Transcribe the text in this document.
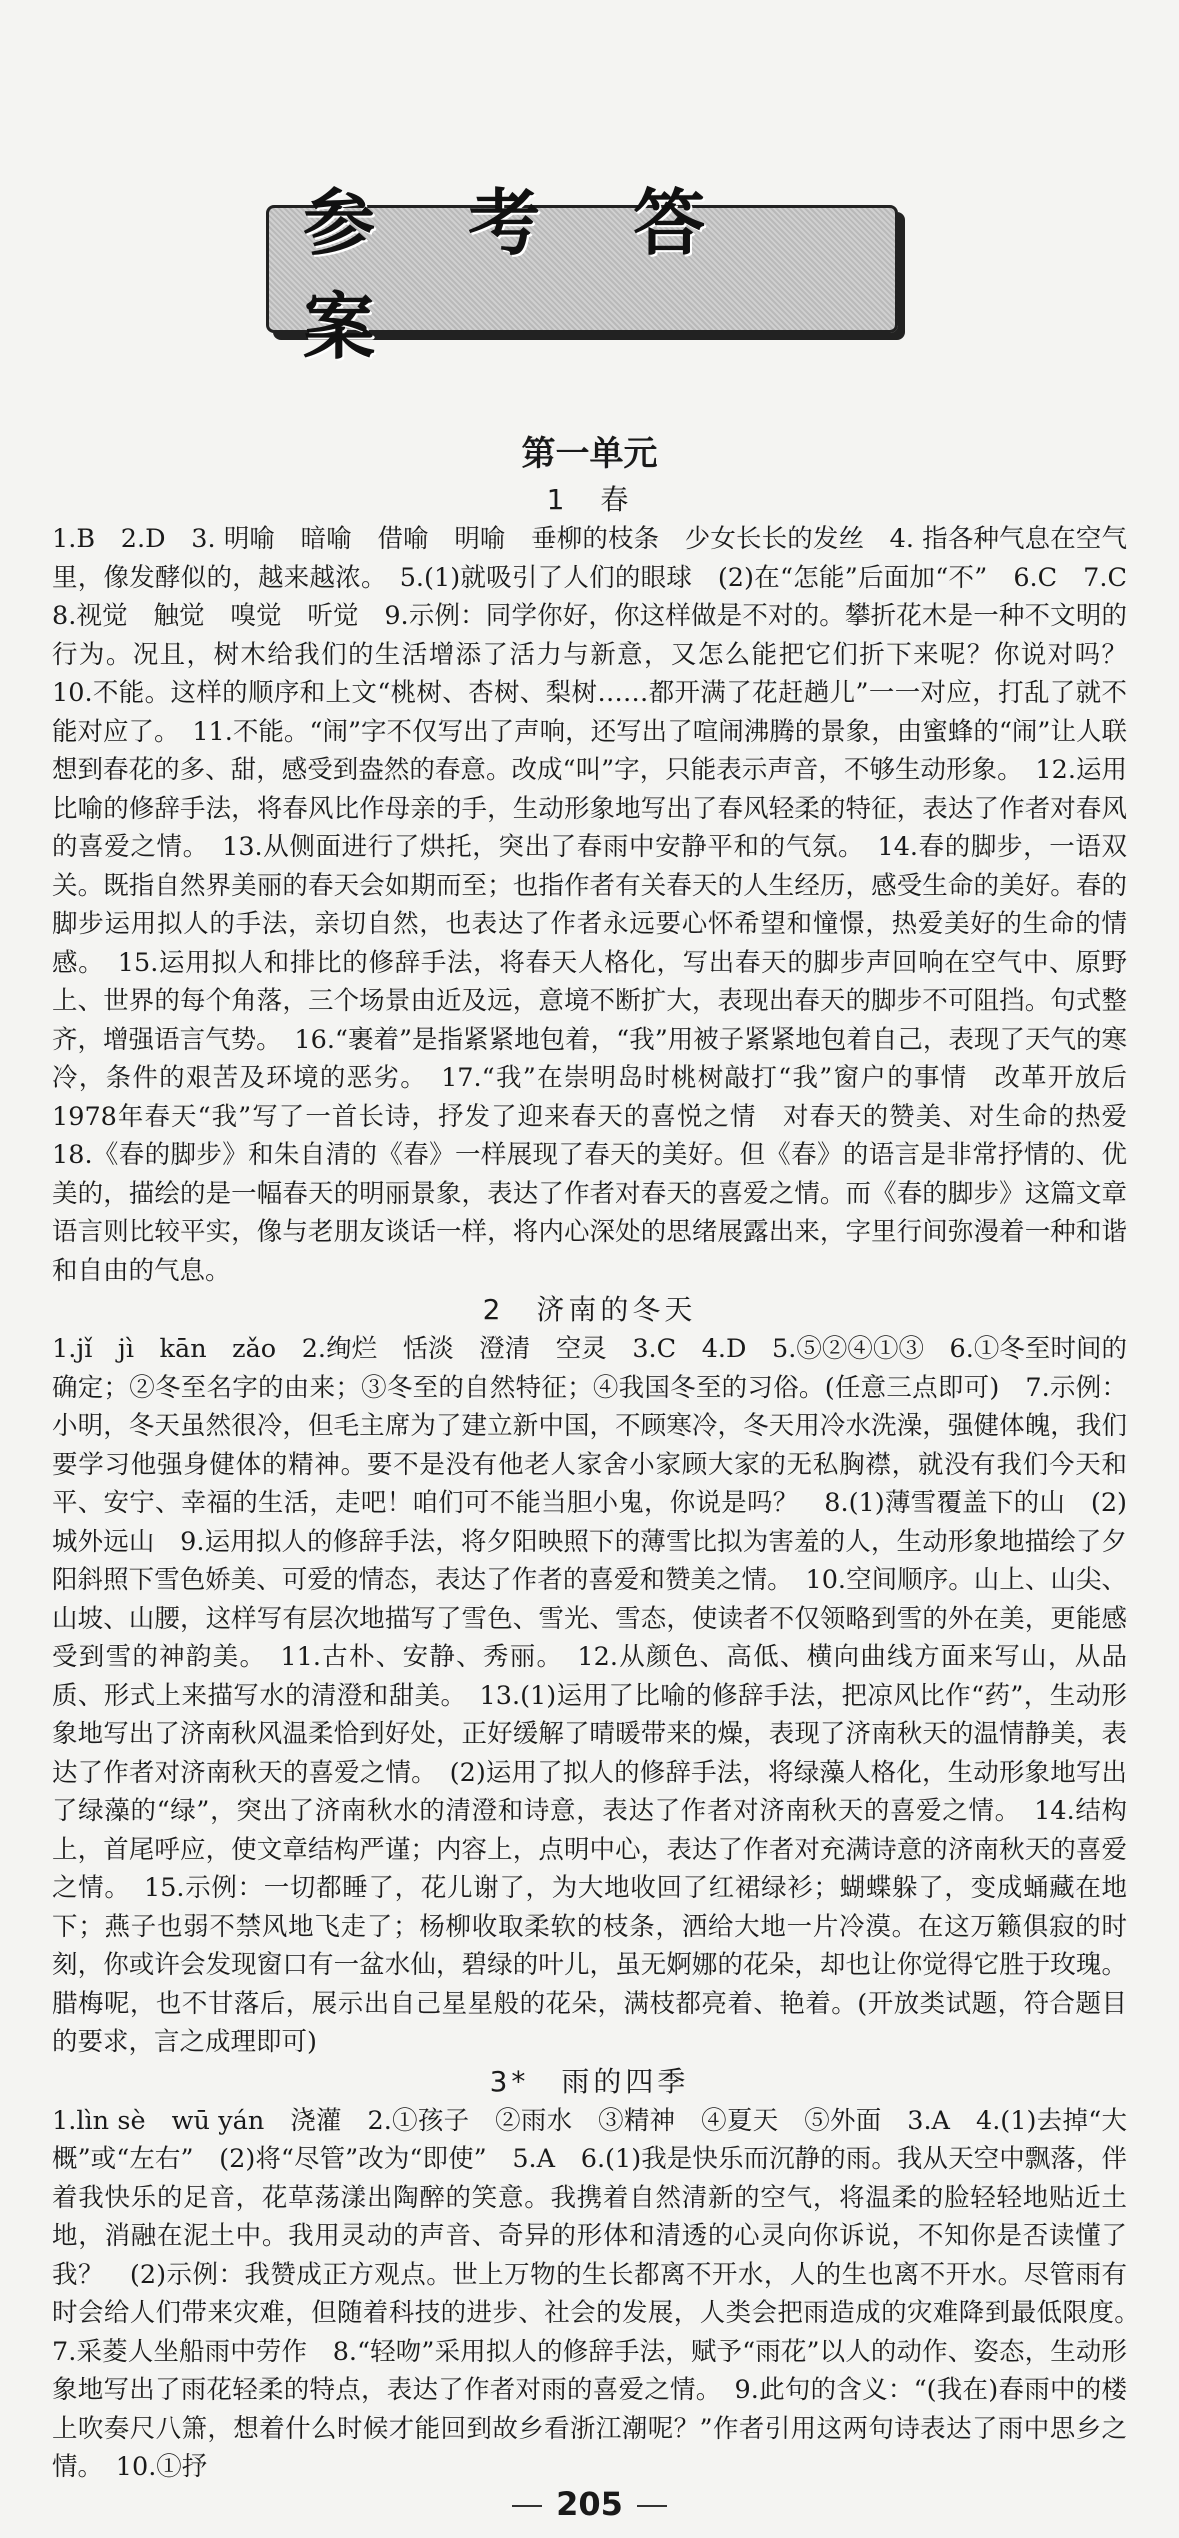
参 考 答 案
第一单元
1　春

1.B　2.D　3. 明喻　暗喻　借喻　明喻　垂柳的枝条　少女长长的发丝　4. 指各种气息在空气里，像发酵似的，越来越浓。　5.(1)就吸引了人们的眼球　(2)在“怎能”后面加“不”　6.C　7.C　8.视觉　触觉　嗅觉　听觉　9.示例：同学你好，你这样做是不对的。攀折花木是一种不文明的行为。况且，树木给我们的生活增添了活力与新意，又怎么能把它们折下来呢？你说对吗？　10.不能。这样的顺序和上文“桃树、杏树、梨树……都开满了花赶趟儿”一一对应，打乱了就不能对应了。　11.不能。“闹”字不仅写出了声响，还写出了喧闹沸腾的景象，由蜜蜂的“闹”让人联想到春花的多、甜，感受到盎然的春意。改成“叫”字，只能表示声音，不够生动形象。　12.运用比喻的修辞手法，将春风比作母亲的手，生动形象地写出了春风轻柔的特征，表达了作者对春风的喜爱之情。　13.从侧面进行了烘托，突出了春雨中安静平和的气氛。　14.春的脚步，一语双关。既指自然界美丽的春天会如期而至；也指作者有关春天的人生经历，感受生命的美好。春的脚步运用拟人的手法，亲切自然，也表达了作者永远要心怀希望和憧憬，热爱美好的生命的情感。　15.运用拟人和排比的修辞手法，将春天人格化，写出春天的脚步声回响在空气中、原野上、世界的每个角落，三个场景由近及远，意境不断扩大，表现出春天的脚步不可阻挡。句式整齐，增强语言气势。　16.“裹着”是指紧紧地包着，“我”用被子紧紧地包着自己，表现了天气的寒冷，条件的艰苦及环境的恶劣。　17.“我”在崇明岛时桃树敲打“我”窗户的事情　改革开放后1978年春天“我”写了一首长诗，抒发了迎来春天的喜悦之情　对春天的赞美、对生命的热爱　18.《春的脚步》和朱自清的《春》一样展现了春天的美好。但《春》的语言是非常抒情的、优美的，描绘的是一幅春天的明丽景象，表达了作者对春天的喜爱之情。而《春的脚步》这篇文章语言则比较平实，像与老朋友谈话一样，将内心深处的思绪展露出来，字里行间弥漫着一种和谐和自由的气息。

2　济南的冬天

1.jǐ　jì　kān　zǎo　2.绚烂　恬淡　澄清　空灵　3.C　4.D　5.⑤②④①③　6.①冬至时间的确定；②冬至名字的由来；③冬至的自然特征；④我国冬至的习俗。(任意三点即可)　7.示例：小明，冬天虽然很冷，但毛主席为了建立新中国，不顾寒冷，冬天用冷水洗澡，强健体魄，我们要学习他强身健体的精神。要不是没有他老人家舍小家顾大家的无私胸襟，就没有我们今天和平、安宁、幸福的生活，走吧！咱们可不能当胆小鬼，你说是吗？　8.(1)薄雪覆盖下的山　(2)城外远山　9.运用拟人的修辞手法，将夕阳映照下的薄雪比拟为害羞的人，生动形象地描绘了夕阳斜照下雪色娇美、可爱的情态，表达了作者的喜爱和赞美之情。　10.空间顺序。山上、山尖、山坡、山腰，这样写有层次地描写了雪色、雪光、雪态，使读者不仅领略到雪的外在美，更能感受到雪的神韵美。　11.古朴、安静、秀丽。　12.从颜色、高低、横向曲线方面来写山，从品质、形式上来描写水的清澄和甜美。　13.(1)运用了比喻的修辞手法，把凉风比作“药”，生动形象地写出了济南秋风温柔恰到好处，正好缓解了晴暖带来的燥，表现了济南秋天的温情静美，表达了作者对济南秋天的喜爱之情。　(2)运用了拟人的修辞手法，将绿藻人格化，生动形象地写出了绿藻的“绿”，突出了济南秋水的清澄和诗意，表达了作者对济南秋天的喜爱之情。　14.结构上，首尾呼应，使文章结构严谨；内容上，点明中心，表达了作者对充满诗意的济南秋天的喜爱之情。　15.示例：一切都睡了，花儿谢了，为大地收回了红裙绿衫；蝴蝶躲了，变成蛹藏在地下；燕子也弱不禁风地飞走了；杨柳收取柔软的枝条，洒给大地一片冷漠。在这万籁俱寂的时刻，你或许会发现窗口有一盆水仙，碧绿的叶儿，虽无婀娜的花朵，却也让你觉得它胜于玫瑰。腊梅呢，也不甘落后，展示出自己星星般的花朵，满枝都亮着、艳着。(开放类试题，符合题目的要求，言之成理即可)

3*　雨的四季

1.lìn sè　wū yán　浇灌　2.①孩子　②雨水　③精神　④夏天　⑤外面　3.A　4.(1)去掉“大概”或“左右”　(2)将“尽管”改为“即使”　5.A　6.(1)我是快乐而沉静的雨。我从天空中飘落，伴着我快乐的足音，花草荡漾出陶醉的笑意。我携着自然清新的空气，将温柔的脸轻轻地贴近土地，消融在泥土中。我用灵动的声音、奇异的形体和清透的心灵向你诉说，不知你是否读懂了我？　(2)示例：我赞成正方观点。世上万物的生长都离不开水，人的生也离不开水。尽管雨有时会给人们带来灾难，但随着科技的进步、社会的发展，人类会把雨造成的灾难降到最低限度。　7.采菱人坐船雨中劳作　8.“轻吻”采用拟人的修辞手法，赋予“雨花”以人的动作、姿态，生动形象地写出了雨花轻柔的特点，表达了作者对雨的喜爱之情。　9.此句的含义：“(我在)春雨中的楼上吹奏尺八箫，想着什么时候才能回到故乡看浙江潮呢？”作者引用这两句诗表达了雨中思乡之情。　10.①抒

205
